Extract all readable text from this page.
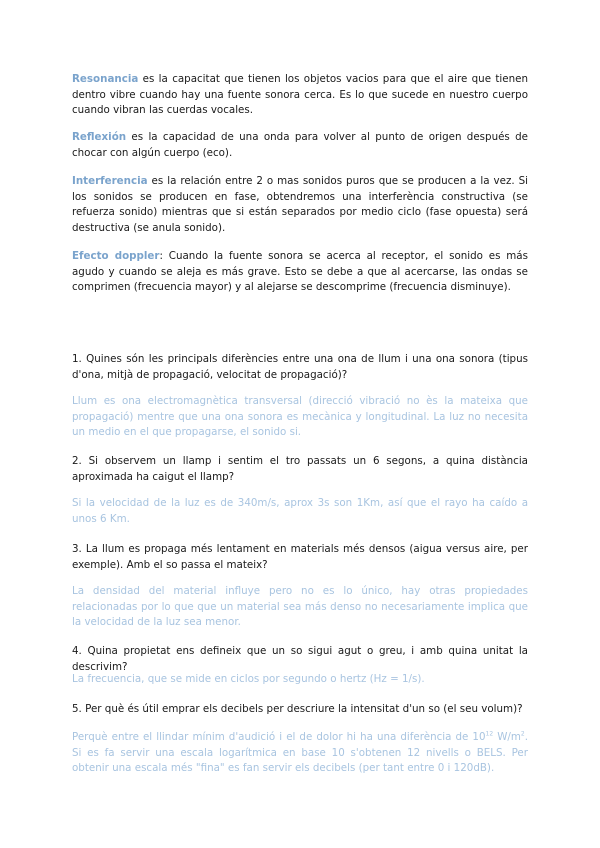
Resonancia es la capacitat que tienen los objetos vacios para que el aire que tienen dentro vibre cuando hay una fuente sonora cerca. Es lo que sucede en nuestro cuerpo cuando vibran las cuerdas vocales.

Reflexión es la capacidad de una onda para volver al punto de origen después de chocar con algún cuerpo (eco).

Interferencia es la relación entre 2 o mas sonidos puros que se producen a la vez. Si los sonidos se producen en fase, obtendremos una interferència constructiva (se refuerza sonido) mientras que si están separados por medio ciclo (fase opuesta) será destructiva (se anula sonido).

Efecto doppler: Cuando la fuente sonora se acerca al receptor, el sonido es más agudo y cuando se aleja es más grave. Esto se debe a que al acercarse, las ondas se comprimen (frecuencia mayor) y al alejarse se descomprime (frecuencia disminuye).

1. Quines són les principals diferències entre una ona de llum i una ona sonora (tipus d'ona, mitjà de propagació, velocitat de propagació)?

Llum es ona electromagnètica transversal (direcció vibració no ès la mateixa que propagació) mentre que una ona sonora es mecànica y longitudinal. La luz no necesita un medio en el que propagarse, el sonido si.

2. Si observem un llamp i sentim el tro passats un 6 segons, a quina distància aproximada ha caigut el llamp?

Si la velocidad de la luz es de 340m/s, aprox 3s son 1Km, así que el rayo ha caído a unos 6 Km.

3. La llum es propaga més lentament en materials més densos (aigua versus aire, per exemple). Amb el so passa el mateix?

La densidad del material influye pero no es lo único, hay otras propiedades relacionadas por lo que que un material sea más denso no necesariamente implica que la velocidad de la luz sea menor.

4. Quina propietat ens defineix que un so sigui agut o greu, i amb quina unitat la descrivim?

La frecuencia, que se mide en ciclos por segundo o hertz (Hz = 1/s).

5. Per què és útil emprar els decibels per descriure la intensitat d'un so (el seu volum)?

Perquè entre el llindar mínim d'audició i el de dolor hi ha una diferència de $10^{12}$ $W/m^2$. Si es fa servir una escala logarítmica en base 10 s'obtenen 12 nivells o BELS. Per obtenir una escala més "fina" es fan servir els decibels (per tant entre 0 i 120dB).
